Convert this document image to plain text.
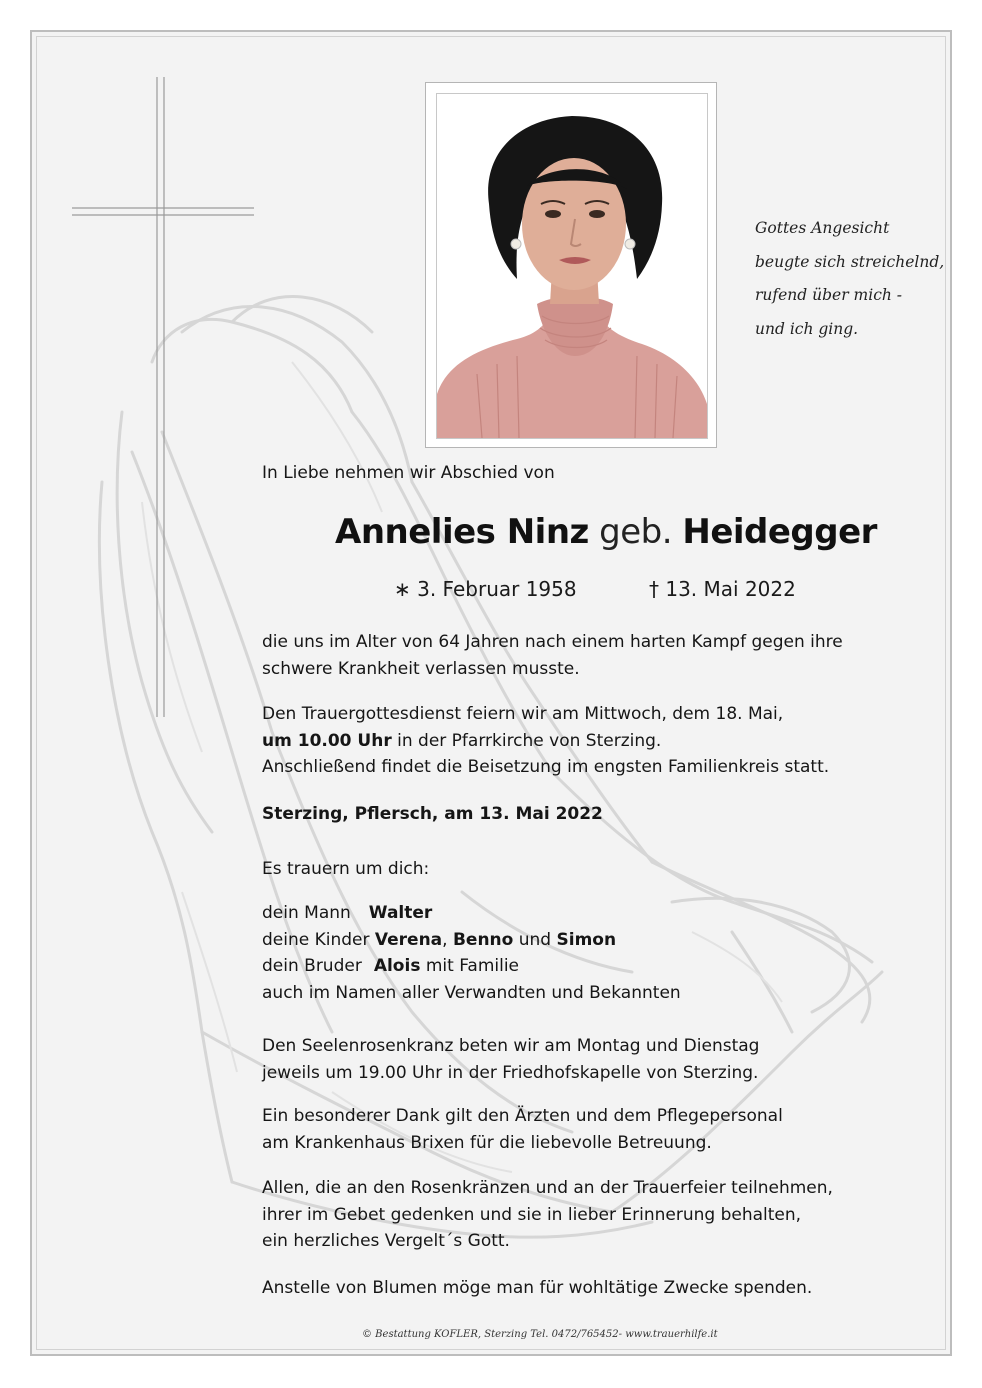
Gottes Angesicht
beugte sich streichelnd,
rufend über mich -
und ich ging.
In Liebe nehmen wir Abschied von
Annelies Ninz geb. Heidegger
∗ 3. Februar 1958	† 13. Mai 2022
die uns im Alter von 64 Jahren nach einem harten Kampf gegen ihre
schwere Krankheit verlassen musste.
Den Trauergottesdienst feiern wir am Mittwoch, dem 18. Mai,
um 10.00 Uhr in der Pfarrkirche von Sterzing.
Anschließend findet die Beisetzung im engsten Familienkreis statt.
Sterzing, Pflersch, am 13. Mai 2022
Es trauern um dich:
dein Mann Walter
deine Kinder Verena, Benno und Simon
dein Bruder Alois mit Familie
auch im Namen aller Verwandten und Bekannten
Den Seelenrosenkranz beten wir am Montag und Dienstag
jeweils um 19.00 Uhr in der Friedhofskapelle von Sterzing.
Ein besonderer Dank gilt den Ärzten und dem Pflegepersonal
am Krankenhaus Brixen für die liebevolle Betreuung.
Allen, die an den Rosenkränzen und an der Trauerfeier teilnehmen,
ihrer im Gebet gedenken und sie in lieber Erinnerung behalten,
ein herzliches Vergelt´s Gott.
Anstelle von Blumen möge man für wohltätige Zwecke spenden.
© Bestattung KOFLER, Sterzing Tel. 0472/765452- www.trauerhilfe.it
